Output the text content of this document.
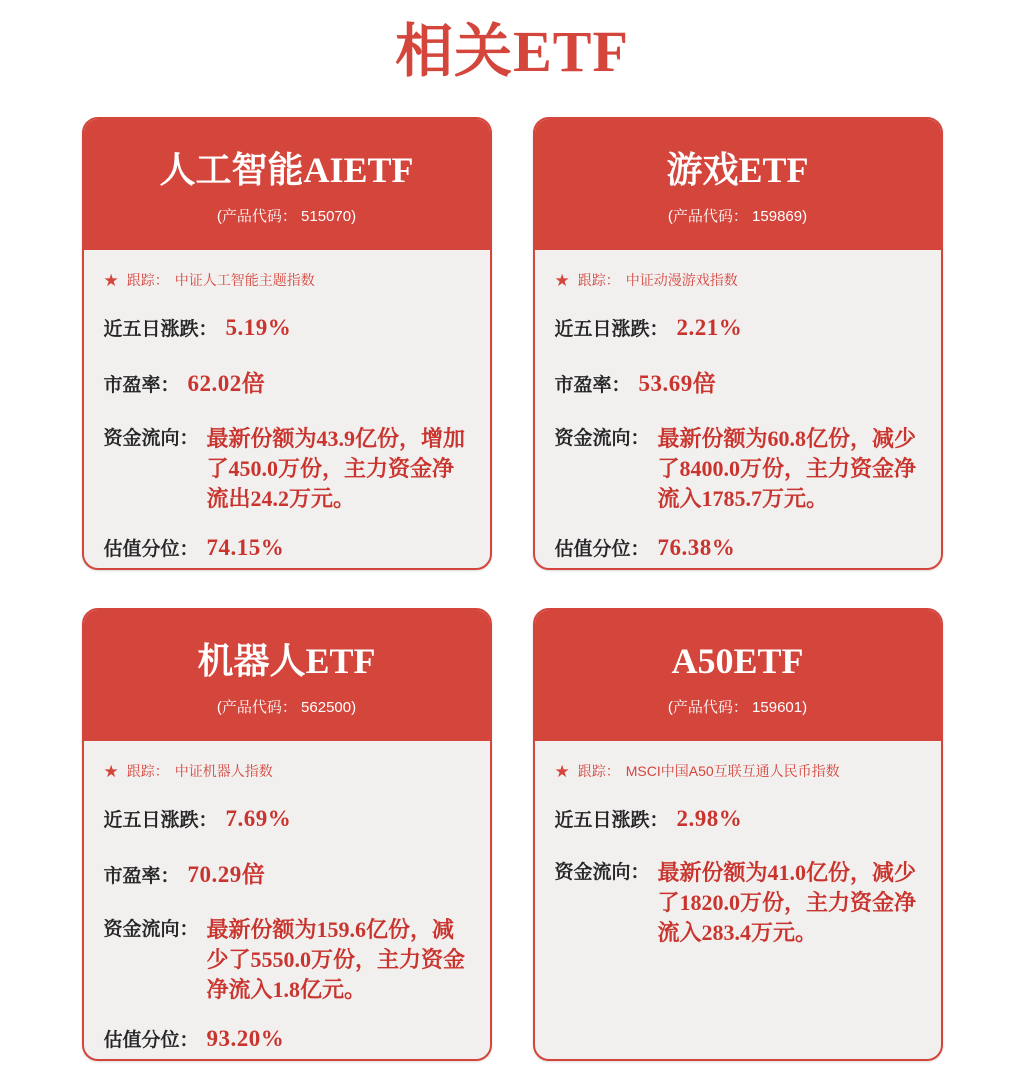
相关ETF
人工智能AIETF
(产品代码： 515070)
★ 跟踪： 中证人工智能主题指数
近五日涨跌： 5.19%
市盈率： 62.02倍
资金流向： 最新份额为43.9亿份，增加了450.0万份，主力资金净流出24.2万元。
估值分位： 74.15%
游戏ETF
(产品代码： 159869)
★ 跟踪： 中证动漫游戏指数
近五日涨跌： 2.21%
市盈率： 53.69倍
资金流向： 最新份额为60.8亿份，减少了8400.0万份，主力资金净流入1785.7万元。
估值分位： 76.38%
机器人ETF
(产品代码： 562500)
★ 跟踪： 中证机器人指数
近五日涨跌： 7.69%
市盈率： 70.29倍
资金流向： 最新份额为159.6亿份，减少了5550.0万份，主力资金净流入1.8亿元。
估值分位： 93.20%
A50ETF
(产品代码： 159601)
★ 跟踪： MSCI中国A50互联互通人民币指数
近五日涨跌： 2.98%
资金流向： 最新份额为41.0亿份，减少了1820.0万份，主力资金净流入283.4万元。
